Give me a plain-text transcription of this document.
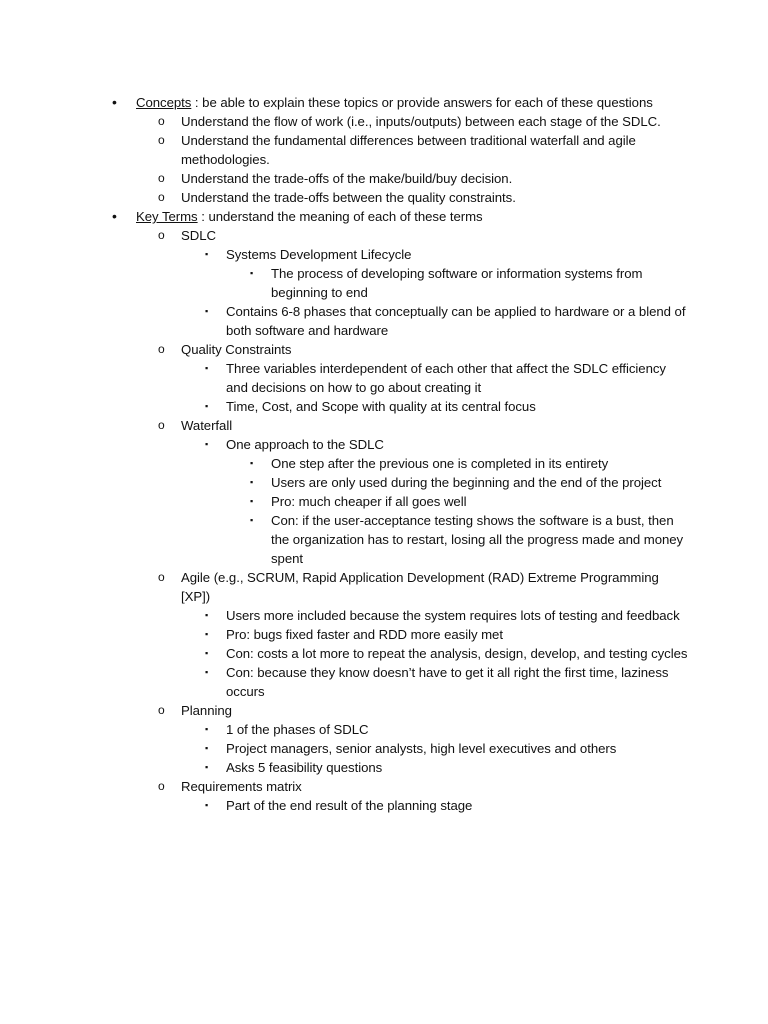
• Concepts : be able to explain these topics or provide answers for each of these questions
o Understand the flow of work (i.e., inputs/outputs) between each stage of the SDLC.
o Understand the fundamental differences between traditional waterfall and agile methodologies.
o Understand the trade-offs of the make/build/buy decision.
o Understand the trade-offs between the quality constraints.
• Key Terms : understand the meaning of each of these terms
o SDLC
▪ Systems Development Lifecycle
▪ The process of developing software or information systems from beginning to end
▪ Contains 6-8 phases that conceptually can be applied to hardware or a blend of both software and hardware
o Quality Constraints
▪ Three variables interdependent of each other that affect the SDLC efficiency and decisions on how to go about creating it
▪ Time, Cost, and Scope with quality at its central focus
o Waterfall
▪ One approach to the SDLC
▪ One step after the previous one is completed in its entirety
▪ Users are only used during the beginning and the end of the project
▪ Pro: much cheaper if all goes well
▪ Con: if the user-acceptance testing shows the software is a bust, then the organization has to restart, losing all the progress made and money spent
o Agile (e.g., SCRUM, Rapid Application Development (RAD) Extreme Programming [XP])
▪ Users more included because the system requires lots of testing and feedback
▪ Pro: bugs fixed faster and RDD more easily met
▪ Con: costs a lot more to repeat the analysis, design, develop, and testing cycles
▪ Con: because they know doesn’t have to get it all right the first time, laziness occurs
o Planning
▪ 1 of the phases of SDLC
▪ Project managers, senior analysts, high level executives and others
▪ Asks 5 feasibility questions
o Requirements matrix
▪ Part of the end result of the planning stage
